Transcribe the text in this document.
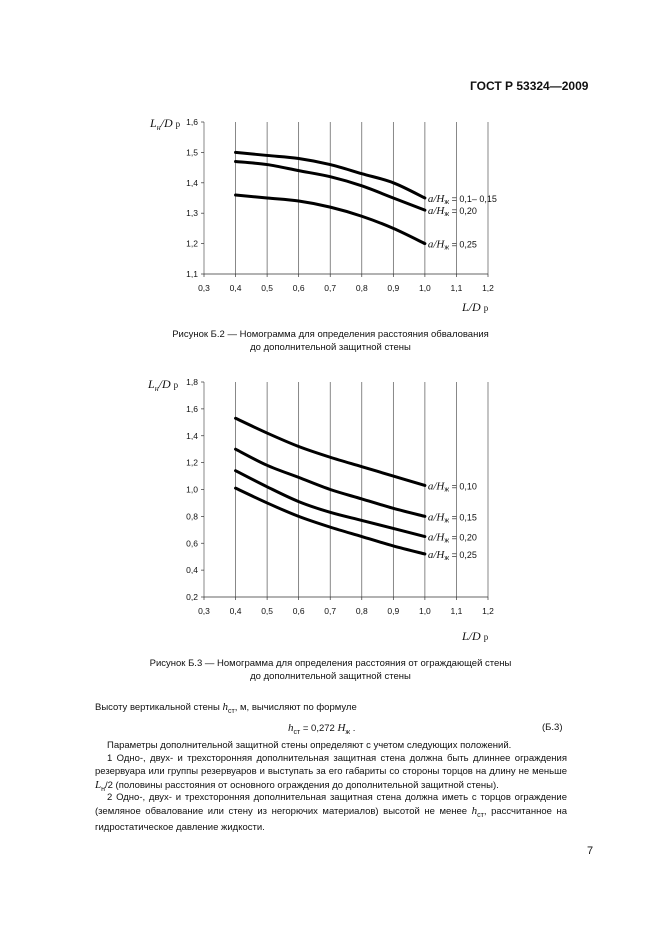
ГОСТ Р 53324—2009
0,3 0,4 0,5 0,6 0,7 0,8 0,9 1,0 1,1 1,2
1,1
1,2
1,3
1,4
1,5
1,6
$L_н/D$ р
L/D р
$a/H_ж = 0,1-$ 0,15
$a/H_ж = 0,20$
$a/H_ж = 0,25$
0,3 0,4 0,5 0,6 0,7 0,8 0,9 1,0 1,1 1,2
0,2
0,4
0,6
0,8
1,0
1,2
1,4
1,6
1,8
$L_н/D$ р
L/D р
$a/H_ж = 0,10$
$a/H_ж = 0,15$
$a/H_ж = 0,20$
$a/H_ж = 0,25$
Рисунок Б.2 — Номограмма для определения расстояния обвалования
до дополнительной защитной стены
Рисунок Б.3 — Номограмма для определения расстояния от ограждающей стены
до дополнительной защитной стены
Высоту вертикальной стены $h_{ст}$, м, вычисляют по формуле
$h_{ст} = 0,272$ $H_ж$ .	(Б.3)
Параметры дополнительной защитной стены определяют с учетом следующих положений.
1 Одно-, двух- и трехсторонняя дополнительная защитная стена должна быть длиннее ограждения резервуара или группы резервуаров и выступать за его габариты со стороны торцов на длину не меньше $L_н/2$ (половины расстояния от основного ограждения до дополнительной защитной стены).
2 Одно-, двух- и трехсторонняя дополнительная защитная стена должна иметь с торцов ограждение (земляное обвалование или стену из негорючих материалов) высотой не менее $h_{ст}$, рассчитанное на гидростатическое давление жидкости.
7
